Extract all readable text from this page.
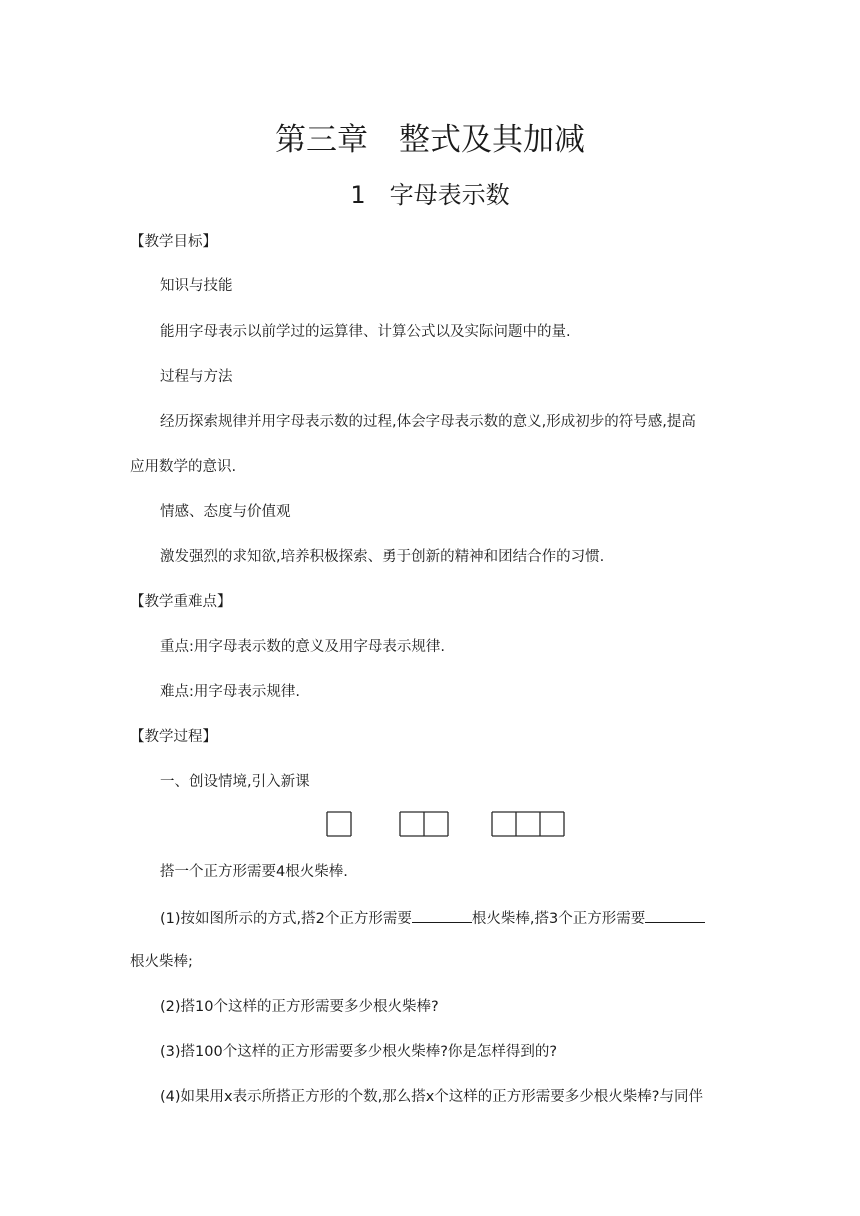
第三章　整式及其加减
1　字母表示数
【教学目标】
知识与技能
能用字母表示以前学过的运算律、计算公式以及实际问题中的量.
过程与方法
经历探索规律并用字母表示数的过程,体会字母表示数的意义,形成初步的符号感,提高
应用数学的意识.
情感、态度与价值观
激发强烈的求知欲,培养积极探索、勇于创新的精神和团结合作的习惯.
【教学重难点】
重点:用字母表示数的意义及用字母表示规律.
难点:用字母表示规律.
【教学过程】
一、创设情境,引入新课
搭一个正方形需要4根火柴棒.
(1)按如图所示的方式,搭2个正方形需要	根火柴棒,搭3个正方形需要
根火柴棒;
(2)搭10个这样的正方形需要多少根火柴棒?
(3)搭100个这样的正方形需要多少根火柴棒?你是怎样得到的?
(4)如果用x表示所搭正方形的个数,那么搭x个这样的正方形需要多少根火柴棒?与同伴
